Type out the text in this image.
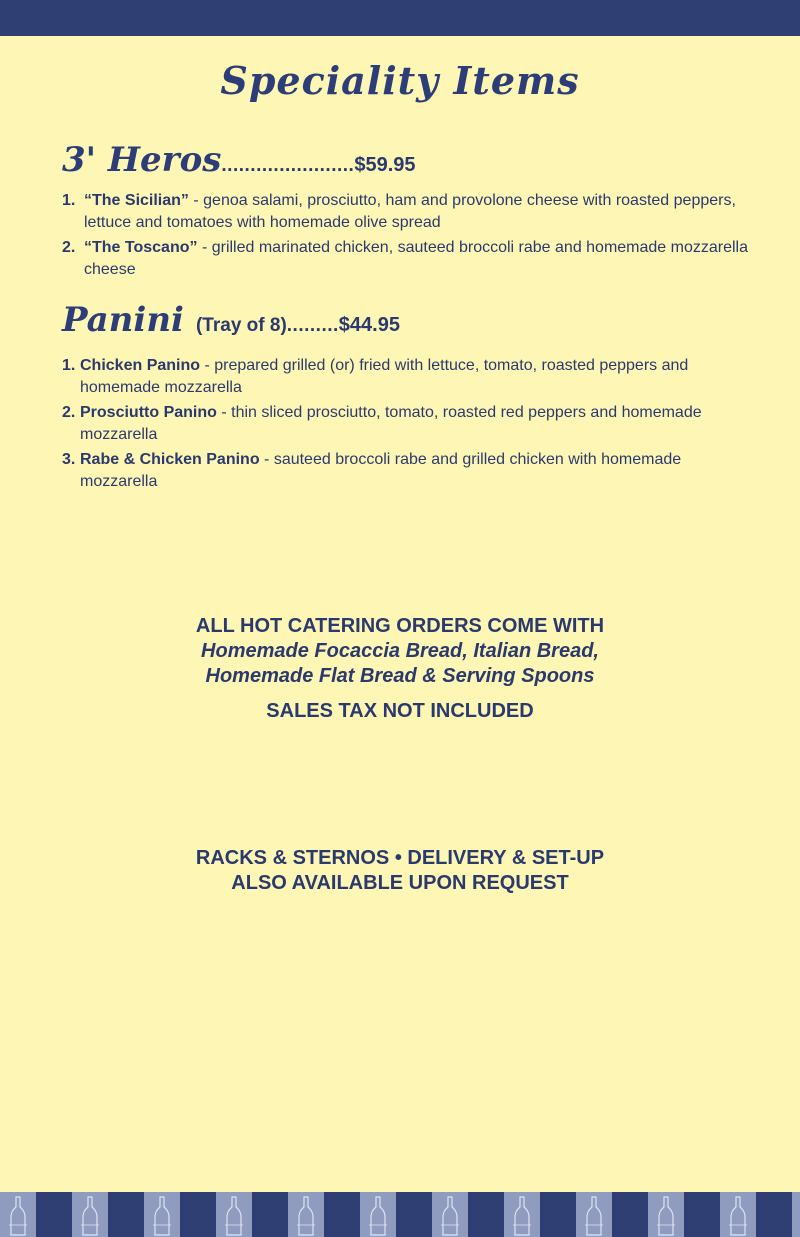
Speciality Items
3' Heros ....................... $59.95
1. “The Sicilian” - genoa salami, prosciutto, ham and provolone cheese with roasted peppers, lettuce and tomatoes with homemade olive spread
2. “The Toscano” - grilled marinated chicken, sauteed broccoli rabe and homemade mozzarella cheese
Panini (Tray of 8) ......... $44.95
1. Chicken Panino - prepared grilled (or) fried with lettuce, tomato, roasted peppers and homemade mozzarella
2. Prosciutto Panino - thin sliced prosciutto, tomato, roasted red peppers and homemade mozzarella
3. Rabe & Chicken Panino - sauteed broccoli rabe and grilled chicken with homemade mozzarella
ALL HOT CATERING ORDERS COME WITH
Homemade Focaccia Bread, Italian Bread,
Homemade Flat Bread & Serving Spoons
SALES TAX NOT INCLUDED
RACKS & STERNOS • DELIVERY & SET-UP
ALSO AVAILABLE UPON REQUEST
